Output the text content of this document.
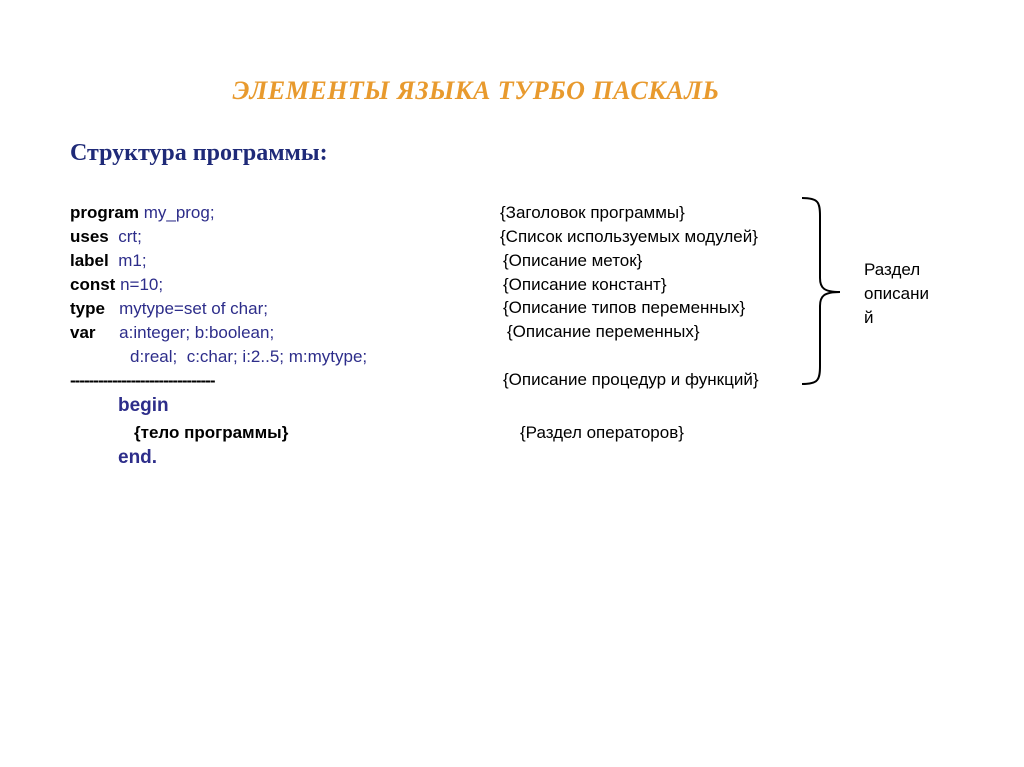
ЭЛЕМЕНТЫ ЯЗЫКА ТУРБО ПАСКАЛЬ
Структура программы:
program my_prog;
uses crt;
label m1;
const n=10;
type mytype=set of char;
var a:integer; b:boolean;
d:real;  c:char; i:2..5; m:mytype;
-------------------------------
begin
{тело программы}
end.
{Заголовок программы}
{Список используемых модулей}
{Описание меток}
{Описание констант}
{Описание типов переменных}
{Описание переменных}
{Описание процедур и функций}
{Раздел операторов}
Раздел
описани
й
